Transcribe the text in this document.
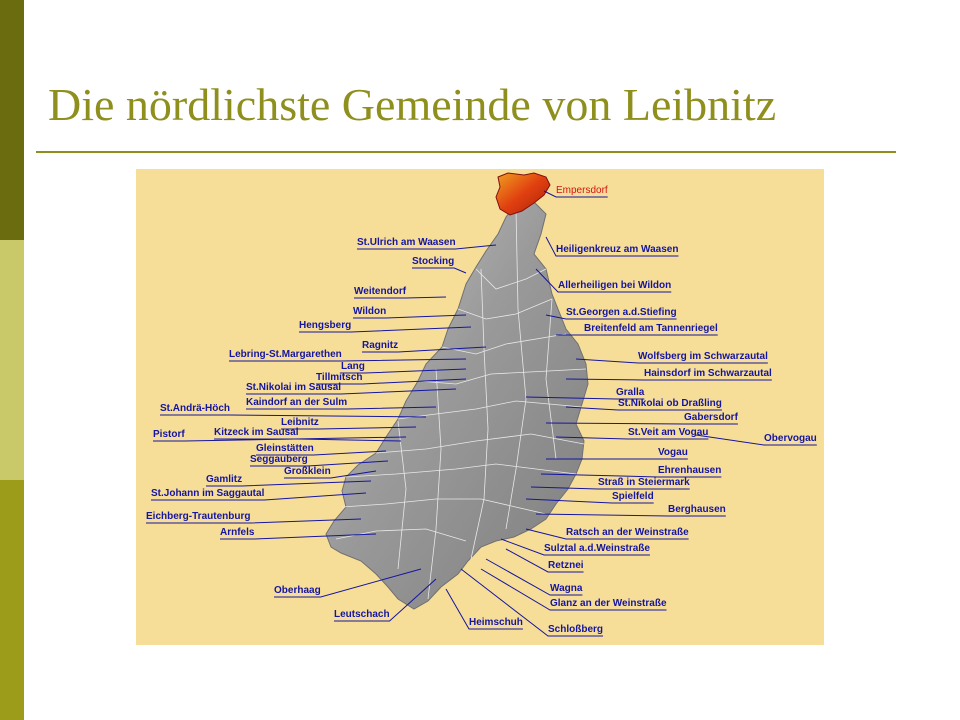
Die nördlichste Gemeinde von Leibnitz
Empersdorf
St.Ulrich am Waasen
Stocking
Weitendorf
Wildon
Hengsberg
Ragnitz
Lebring-St.Margarethen
Lang
Tillmitsch
St.Nikolai im Sausal
Kaindorf an der Sulm
St.Andrä-Höch
Leibnitz
Pistorf	Kitzeck im Sausal
Gleinstätten
Seggauberg
Großklein
Gamlitz
St.Johann im Saggautal
Eichberg-Trautenburg
Arnfels
Oberhaag
Leutschach
Heimschuh
Schloßberg
Heiligenkreuz am Waasen
Allerheiligen bei Wildon
St.Georgen a.d.Stiefing
Breitenfeld am Tannenriegel
Wolfsberg im Schwarzautal
Hainsdorf im Schwarzautal
Gralla
St.Nikolai ob Draßling
Gabersdorf
St.Veit am Vogau
Obervogau
Vogau
Ehrenhausen
Straß in Steiermark
Spielfeld
Berghausen
Ratsch an der Weinstraße
Sulztal a.d.Weinstraße
Retznei
Wagna
Glanz an der Weinstraße
